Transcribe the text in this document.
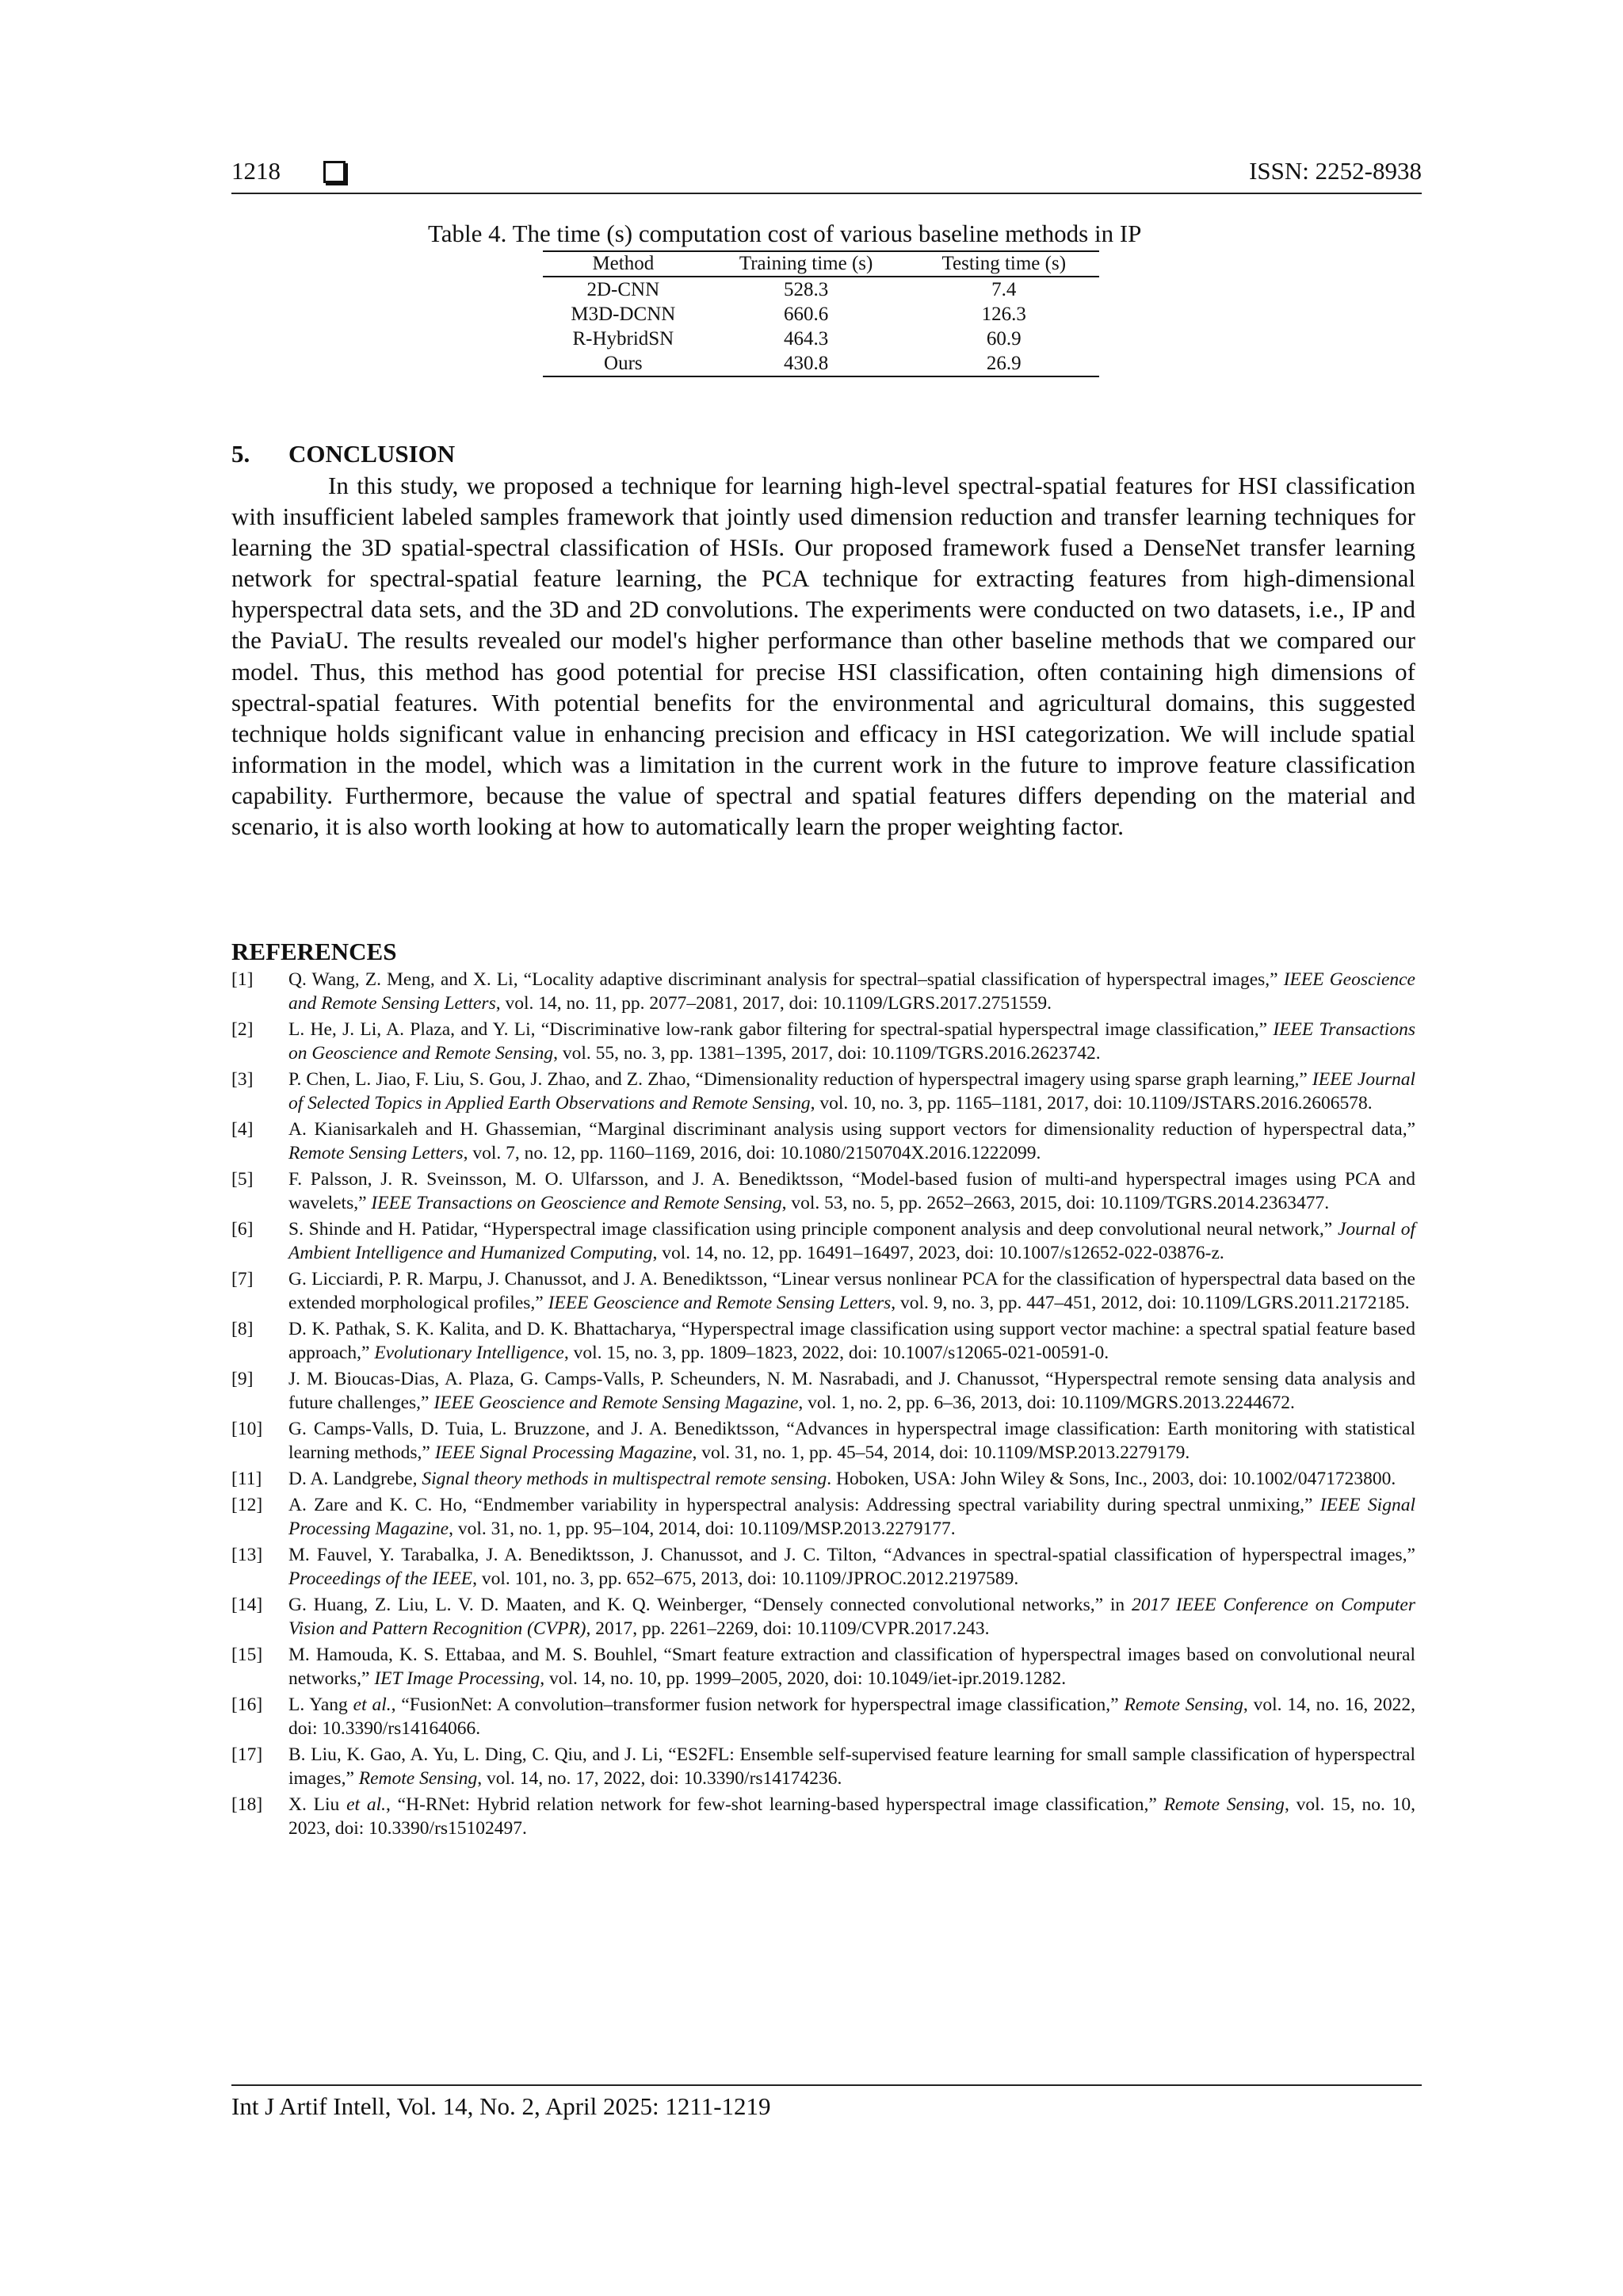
1218	ISSN: 2252-8938
Table 4. The time (s) computation cost of various baseline methods in IP
Method	Training time (s)	Testing time (s)
2D-CNN	528.3	7.4
M3D-DCNN	660.6	126.3
R-HybridSN	464.3	60.9
Ours	430.8	26.9
5. CONCLUSION

In this study, we proposed a technique for learning high-level spectral-spatial features for HSI classification with insufficient labeled samples framework that jointly used dimension reduction and transfer learning techniques for learning the 3D spatial-spectral classification of HSIs. Our proposed framework fused a DenseNet transfer learning network for spectral-spatial feature learning, the PCA technique for extracting features from high-dimensional hyperspectral data sets, and the 3D and 2D convolutions. The experiments were conducted on two datasets, i.e., IP and the PaviaU. The results revealed our model's higher performance than other baseline methods that we compared our model. Thus, this method has good potential for precise HSI classification, often containing high dimensions of spectral-spatial features. With potential benefits for the environmental and agricultural domains, this suggested technique holds significant value in enhancing precision and efficacy in HSI categorization. We will include spatial information in the model, which was a limitation in the current work in the future to improve feature classification capability. Furthermore, because the value of spectral and spatial features differs depending on the material and scenario, it is also worth looking at how to automatically learn the proper weighting factor.

REFERENCES
[1]	Q. Wang, Z. Meng, and X. Li, “Locality adaptive discriminant analysis for spectral–spatial classification of hyperspectral images,” IEEE Geoscience and Remote Sensing Letters, vol. 14, no. 11, pp. 2077–2081, 2017, doi: 10.1109/LGRS.2017.2751559.
[2]	L. He, J. Li, A. Plaza, and Y. Li, “Discriminative low-rank gabor filtering for spectral-spatial hyperspectral image classification,” IEEE Transactions on Geoscience and Remote Sensing, vol. 55, no. 3, pp. 1381–1395, 2017, doi: 10.1109/TGRS.2016.2623742.
[3]	P. Chen, L. Jiao, F. Liu, S. Gou, J. Zhao, and Z. Zhao, “Dimensionality reduction of hyperspectral imagery using sparse graph learning,” IEEE Journal of Selected Topics in Applied Earth Observations and Remote Sensing, vol. 10, no. 3, pp. 1165–1181, 2017, doi: 10.1109/JSTARS.2016.2606578.
[4]	A. Kianisarkaleh and H. Ghassemian, “Marginal discriminant analysis using support vectors for dimensionality reduction of hyperspectral data,” Remote Sensing Letters, vol. 7, no. 12, pp. 1160–1169, 2016, doi: 10.1080/2150704X.2016.1222099.
[5]	F. Palsson, J. R. Sveinsson, M. O. Ulfarsson, and J. A. Benediktsson, “Model-based fusion of multi-and hyperspectral images using PCA and wavelets,” IEEE Transactions on Geoscience and Remote Sensing, vol. 53, no. 5, pp. 2652–2663, 2015, doi: 10.1109/TGRS.2014.2363477.
[6]	S. Shinde and H. Patidar, “Hyperspectral image classification using principle component analysis and deep convolutional neural network,” Journal of Ambient Intelligence and Humanized Computing, vol. 14, no. 12, pp. 16491–16497, 2023, doi: 10.1007/s12652-022-03876-z.
[7]	G. Licciardi, P. R. Marpu, J. Chanussot, and J. A. Benediktsson, “Linear versus nonlinear PCA for the classification of hyperspectral data based on the extended morphological profiles,” IEEE Geoscience and Remote Sensing Letters, vol. 9, no. 3, pp. 447–451, 2012, doi: 10.1109/LGRS.2011.2172185.
[8]	D. K. Pathak, S. K. Kalita, and D. K. Bhattacharya, “Hyperspectral image classification using support vector machine: a spectral spatial feature based approach,” Evolutionary Intelligence, vol. 15, no. 3, pp. 1809–1823, 2022, doi: 10.1007/s12065-021-00591-0.
[9]	J. M. Bioucas-Dias, A. Plaza, G. Camps-Valls, P. Scheunders, N. M. Nasrabadi, and J. Chanussot, “Hyperspectral remote sensing data analysis and future challenges,” IEEE Geoscience and Remote Sensing Magazine, vol. 1, no. 2, pp. 6–36, 2013, doi: 10.1109/MGRS.2013.2244672.
[10]	G. Camps-Valls, D. Tuia, L. Bruzzone, and J. A. Benediktsson, “Advances in hyperspectral image classification: Earth monitoring with statistical learning methods,” IEEE Signal Processing Magazine, vol. 31, no. 1, pp. 45–54, 2014, doi: 10.1109/MSP.2013.2279179.
[11]	D. A. Landgrebe, Signal theory methods in multispectral remote sensing. Hoboken, USA: John Wiley & Sons, Inc., 2003, doi: 10.1002/0471723800.
[12]	A. Zare and K. C. Ho, “Endmember variability in hyperspectral analysis: Addressing spectral variability during spectral unmixing,” IEEE Signal Processing Magazine, vol. 31, no. 1, pp. 95–104, 2014, doi: 10.1109/MSP.2013.2279177.
[13]	M. Fauvel, Y. Tarabalka, J. A. Benediktsson, J. Chanussot, and J. C. Tilton, “Advances in spectral-spatial classification of hyperspectral images,” Proceedings of the IEEE, vol. 101, no. 3, pp. 652–675, 2013, doi: 10.1109/JPROC.2012.2197589.
[14]	G. Huang, Z. Liu, L. V. D. Maaten, and K. Q. Weinberger, “Densely connected convolutional networks,” in 2017 IEEE Conference on Computer Vision and Pattern Recognition (CVPR), 2017, pp. 2261–2269, doi: 10.1109/CVPR.2017.243.
[15]	M. Hamouda, K. S. Ettabaa, and M. S. Bouhlel, “Smart feature extraction and classification of hyperspectral images based on convolutional neural networks,” IET Image Processing, vol. 14, no. 10, pp. 1999–2005, 2020, doi: 10.1049/iet-ipr.2019.1282.
[16]	L. Yang et al., “FusionNet: A convolution–transformer fusion network for hyperspectral image classification,” Remote Sensing, vol. 14, no. 16, 2022, doi: 10.3390/rs14164066.
[17]	B. Liu, K. Gao, A. Yu, L. Ding, C. Qiu, and J. Li, “ES2FL: Ensemble self-supervised feature learning for small sample classification of hyperspectral images,” Remote Sensing, vol. 14, no. 17, 2022, doi: 10.3390/rs14174236.
[18]	X. Liu et al., “H-RNet: Hybrid relation network for few-shot learning-based hyperspectral image classification,” Remote Sensing, vol. 15, no. 10, 2023, doi: 10.3390/rs15102497.
Int J Artif Intell, Vol. 14, No. 2, April 2025: 1211-1219
